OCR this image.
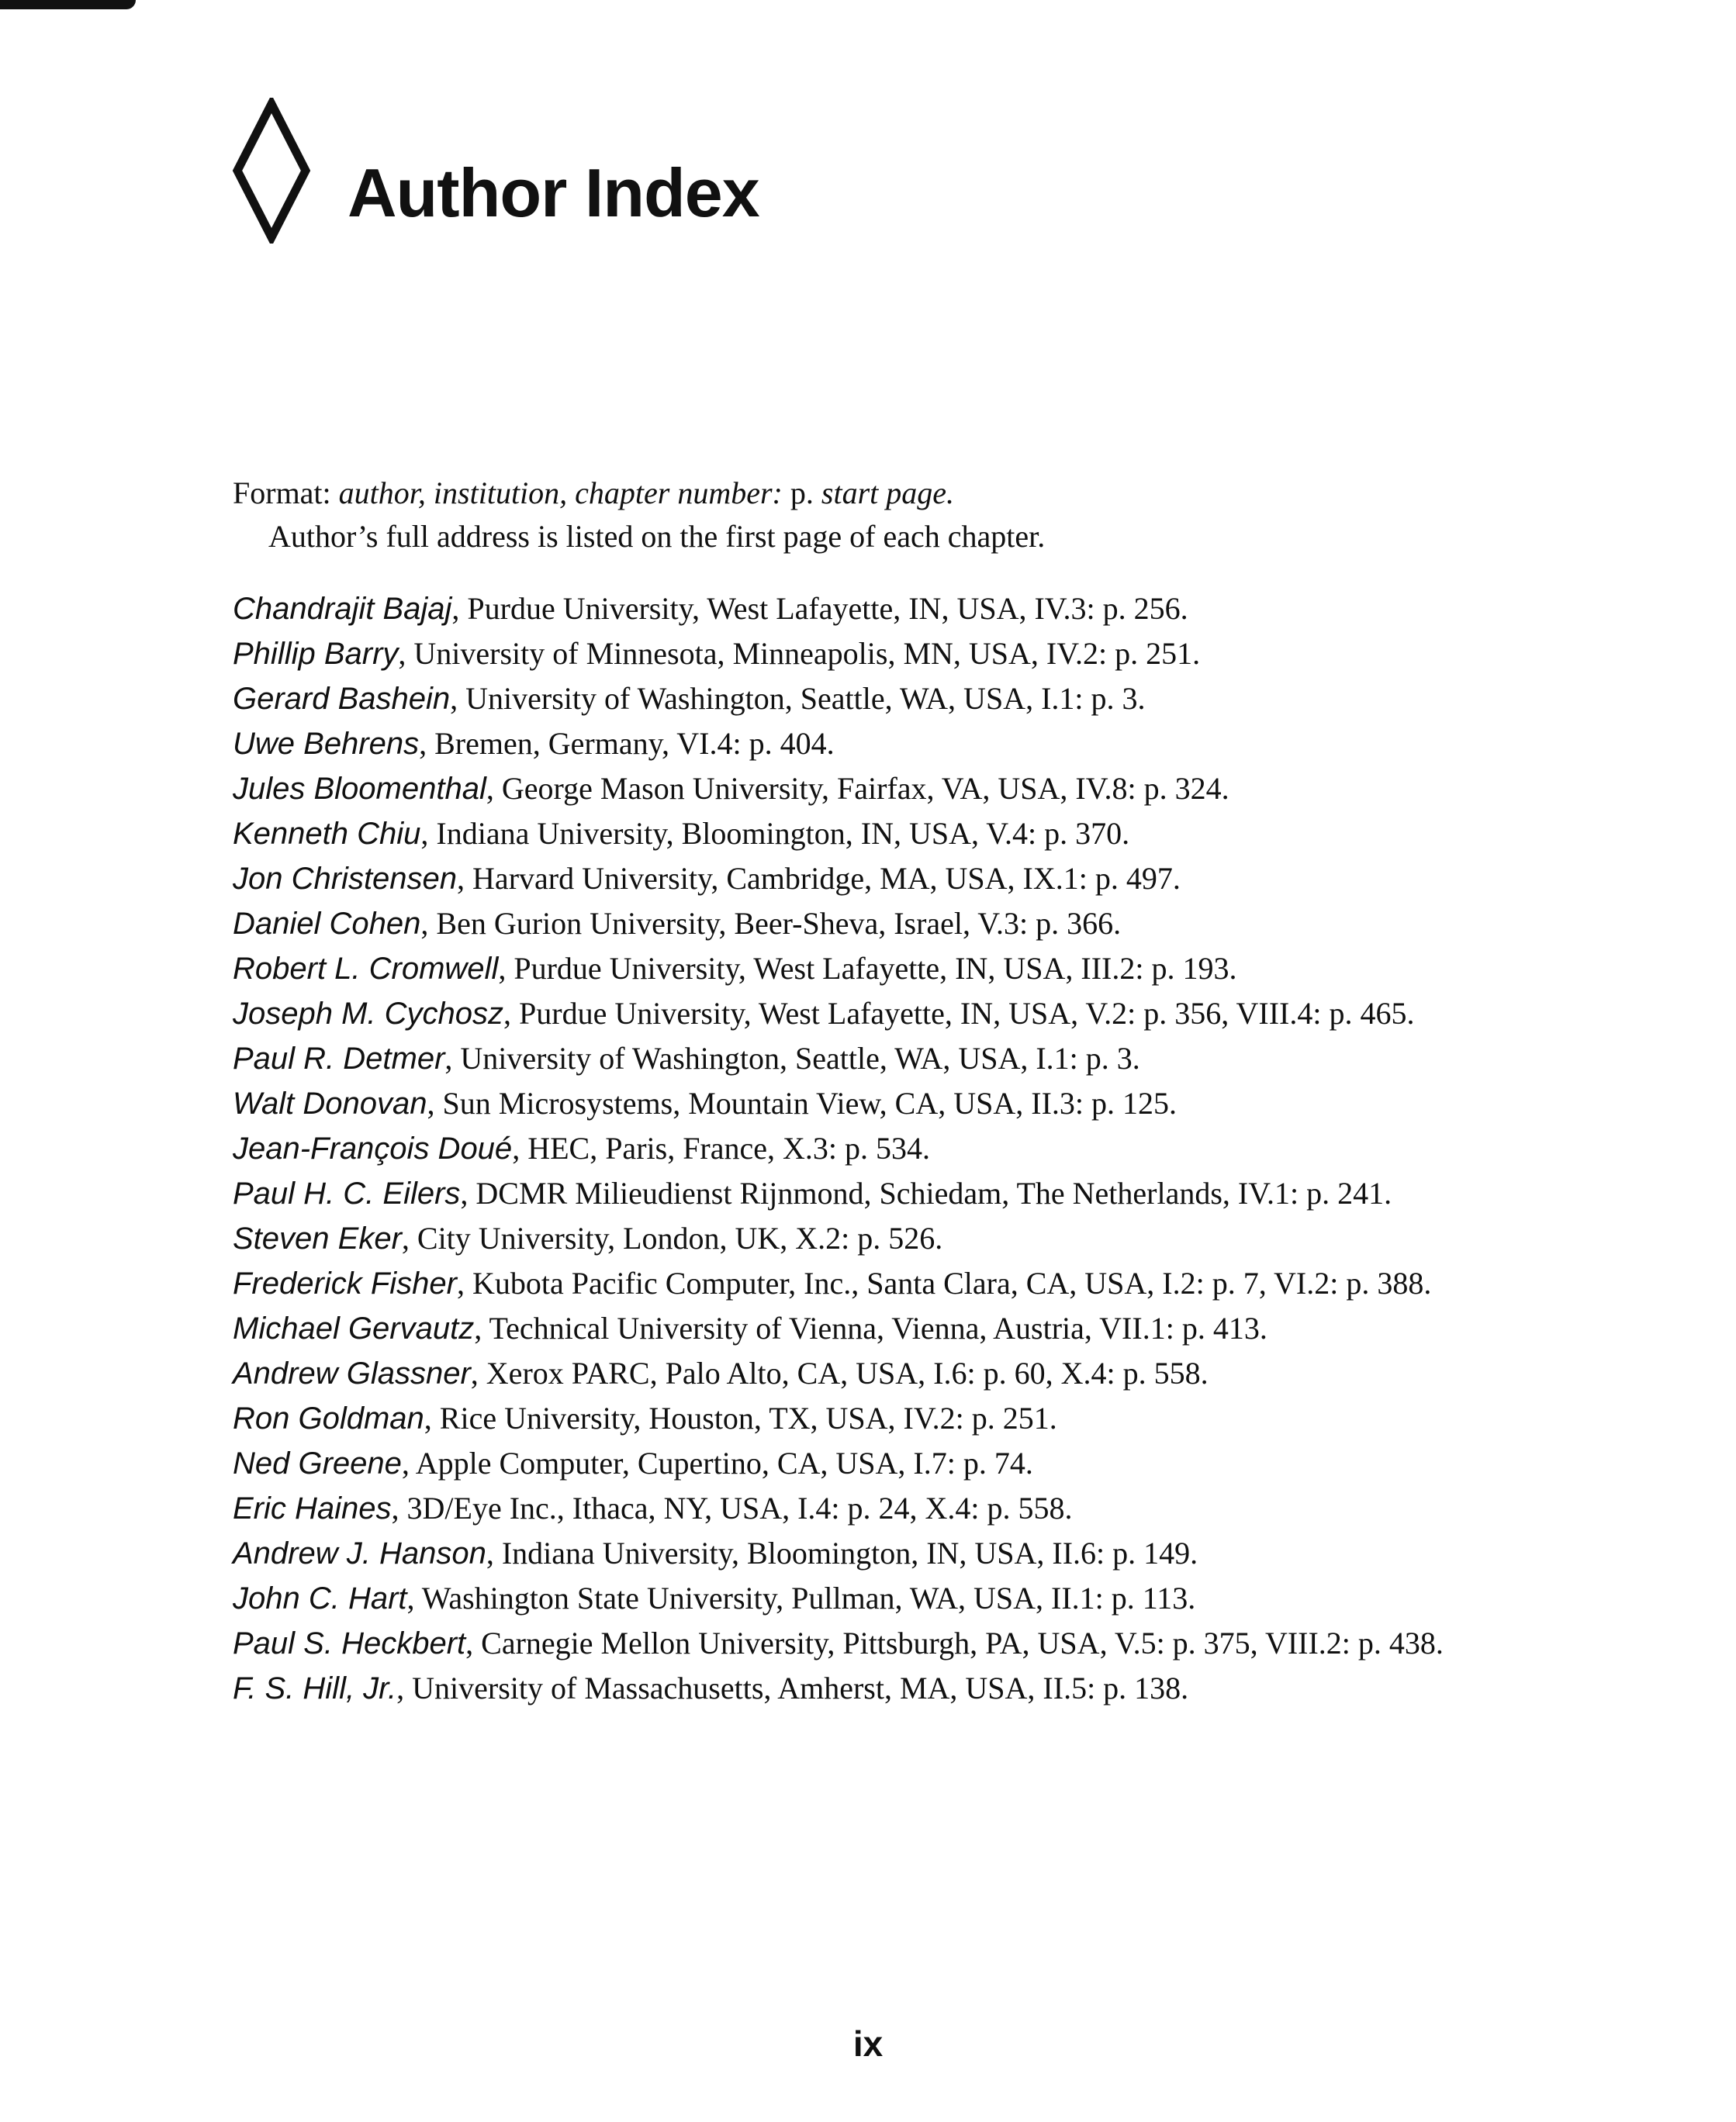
Author Index
Format: author, institution, chapter number: p. start page.
Author’s full address is listed on the first page of each chapter.
Chandrajit Bajaj, Purdue University, West Lafayette, IN, USA, IV.3: p. 256.
Phillip Barry, University of Minnesota, Minneapolis, MN, USA, IV.2: p. 251.
Gerard Bashein, University of Washington, Seattle, WA, USA, I.1: p. 3.
Uwe Behrens, Bremen, Germany, VI.4: p. 404.
Jules Bloomenthal, George Mason University, Fairfax, VA, USA, IV.8: p. 324.
Kenneth Chiu, Indiana University, Bloomington, IN, USA, V.4: p. 370.
Jon Christensen, Harvard University, Cambridge, MA, USA, IX.1: p. 497.
Daniel Cohen, Ben Gurion University, Beer-Sheva, Israel, V.3: p. 366.
Robert L. Cromwell, Purdue University, West Lafayette, IN, USA, III.2: p. 193.
Joseph M. Cychosz, Purdue University, West Lafayette, IN, USA, V.2: p. 356, VIII.4: p. 465.
Paul R. Detmer, University of Washington, Seattle, WA, USA, I.1: p. 3.
Walt Donovan, Sun Microsystems, Mountain View, CA, USA, II.3: p. 125.
Jean-François Doué, HEC, Paris, France, X.3: p. 534.
Paul H. C. Eilers, DCMR Milieudienst Rijnmond, Schiedam, The Netherlands, IV.1: p. 241.
Steven Eker, City University, London, UK, X.2: p. 526.
Frederick Fisher, Kubota Pacific Computer, Inc., Santa Clara, CA, USA, I.2: p. 7, VI.2: p. 388.
Michael Gervautz, Technical University of Vienna, Vienna, Austria, VII.1: p. 413.
Andrew Glassner, Xerox PARC, Palo Alto, CA, USA, I.6: p. 60, X.4: p. 558.
Ron Goldman, Rice University, Houston, TX, USA, IV.2: p. 251.
Ned Greene, Apple Computer, Cupertino, CA, USA, I.7: p. 74.
Eric Haines, 3D/Eye Inc., Ithaca, NY, USA, I.4: p. 24, X.4: p. 558.
Andrew J. Hanson, Indiana University, Bloomington, IN, USA, II.6: p. 149.
John C. Hart, Washington State University, Pullman, WA, USA, II.1: p. 113.
Paul S. Heckbert, Carnegie Mellon University, Pittsburgh, PA, USA, V.5: p. 375, VIII.2: p. 438.
F. S. Hill, Jr., University of Massachusetts, Amherst, MA, USA, II.5: p. 138.
ix
